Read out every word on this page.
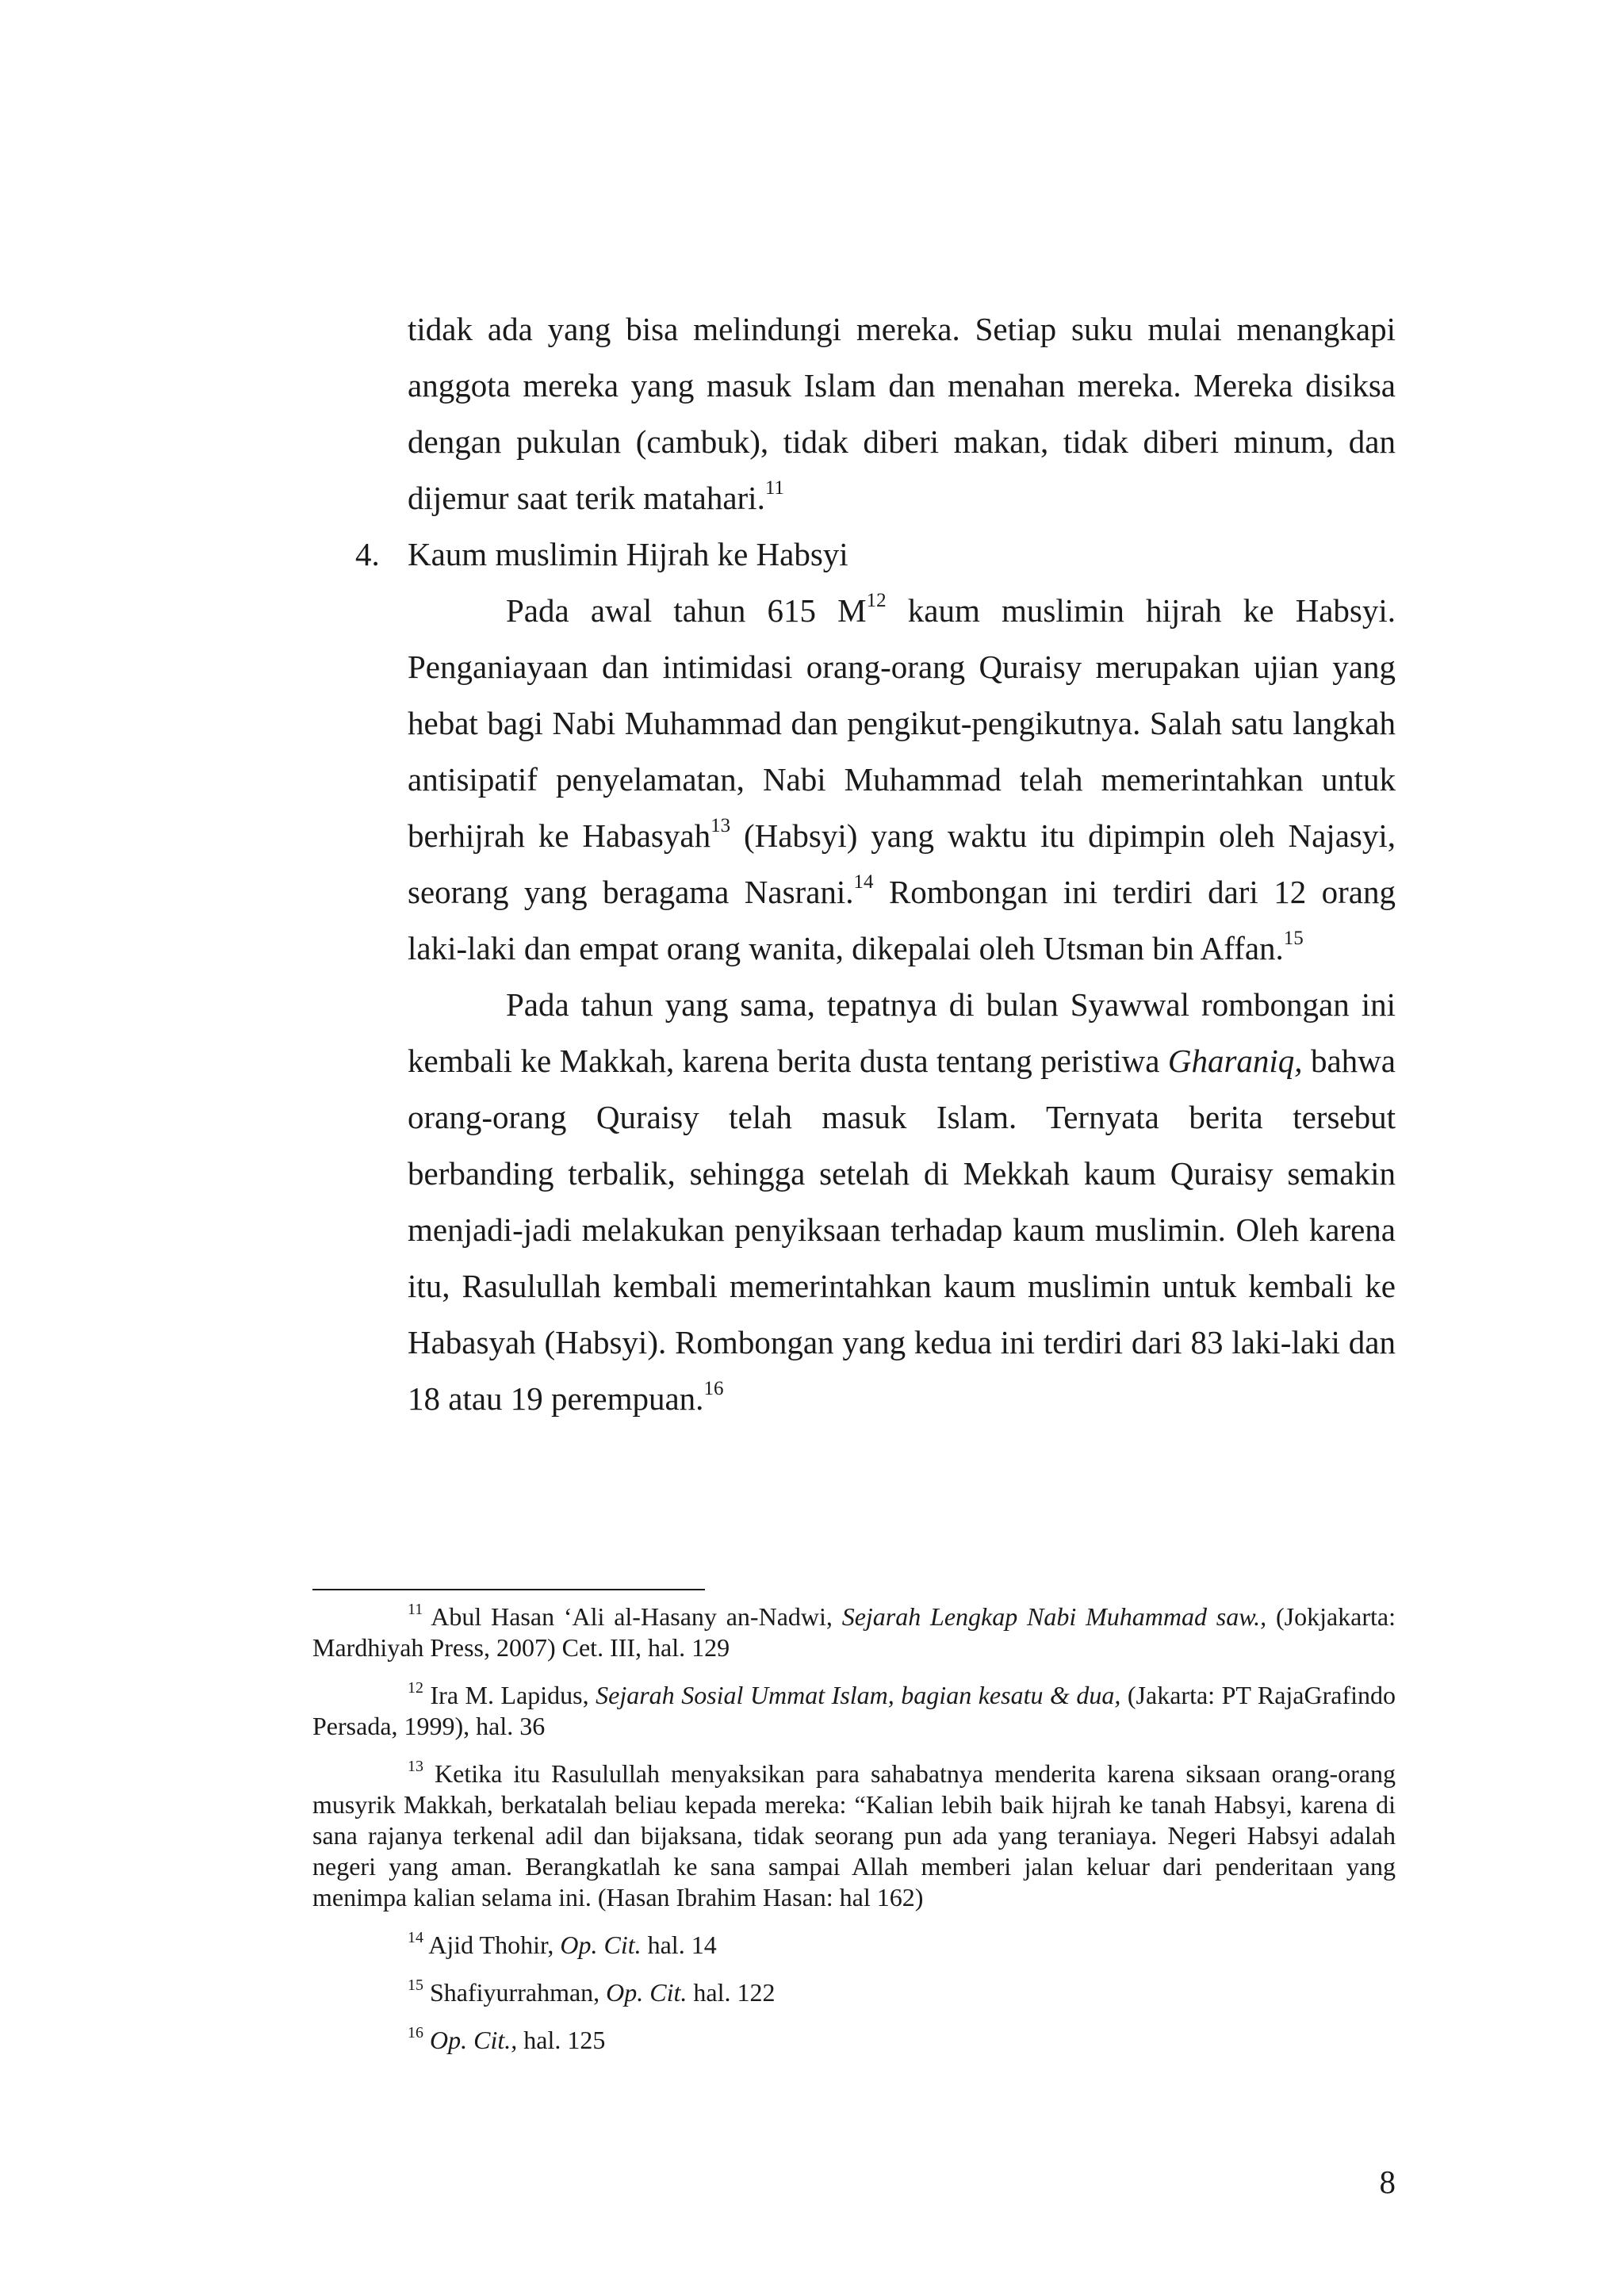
tidak ada yang bisa melindungi mereka. Setiap suku mulai menangkapi anggota mereka yang masuk Islam dan menahan mereka. Mereka disiksa dengan pukulan (cambuk), tidak diberi makan, tidak diberi minum, dan dijemur saat terik matahari.$^{11}$

4. Kaum muslimin Hijrah ke Habsyi

Pada awal tahun 615 $M^{12}$ kaum muslimin hijrah ke Habsyi. Penganiayaan dan intimidasi orang-orang Quraisy merupakan ujian yang hebat bagi Nabi Muhammad dan pengikut-pengikutnya. Salah satu langkah antisipatif penyelamatan, Nabi Muhammad telah memerintahkan untuk berhijrah ke Habasyah$^{13}$ (Habsyi) yang waktu itu dipimpin oleh Najasyi, seorang yang beragama Nasrani.$^{14}$ Rombongan ini terdiri dari 12 orang laki-laki dan empat orang wanita, dikepalai oleh Utsman bin Affan.$^{15}$

Pada tahun yang sama, tepatnya di bulan Syawwal rombongan ini kembali ke Makkah, karena berita dusta tentang peristiwa Gharaniq, bahwa orang-orang Quraisy telah masuk Islam. Ternyata berita tersebut berbanding terbalik, sehingga setelah di Mekkah kaum Quraisy semakin menjadi-jadi melakukan penyiksaan terhadap kaum muslimin. Oleh karena itu, Rasulullah kembali memerintahkan kaum muslimin untuk kembali ke Habasyah (Habsyi). Rombongan yang kedua ini terdiri dari 83 laki-laki dan 18 atau 19 perempuan.$^{16}$

$^{11}$ Abul Hasan ‘Ali al-Hasany an-Nadwi, Sejarah Lengkap Nabi Muhammad saw., (Jokjakarta: Mardhiyah Press, 2007) Cet. III, hal. 129

$^{12}$ Ira M. Lapidus, Sejarah Sosial Ummat Islam, bagian kesatu & dua, (Jakarta: PT RajaGrafindo Persada, 1999), hal. 36

$^{13}$ Ketika itu Rasulullah menyaksikan para sahabatnya menderita karena siksaan orang-orang musyrik Makkah, berkatalah beliau kepada mereka: “Kalian lebih baik hijrah ke tanah Habsyi, karena di sana rajanya terkenal adil dan bijaksana, tidak seorang pun ada yang teraniaya. Negeri Habsyi adalah negeri yang aman. Berangkatlah ke sana sampai Allah memberi jalan keluar dari penderitaan yang menimpa kalian selama ini. (Hasan Ibrahim Hasan: hal 162)

$^{14}$ Ajid Thohir, Op. Cit. hal. 14

$^{15}$ Shafiyurrahman, Op. Cit. hal. 122

$^{16}$ Op. Cit., hal. 125

8
